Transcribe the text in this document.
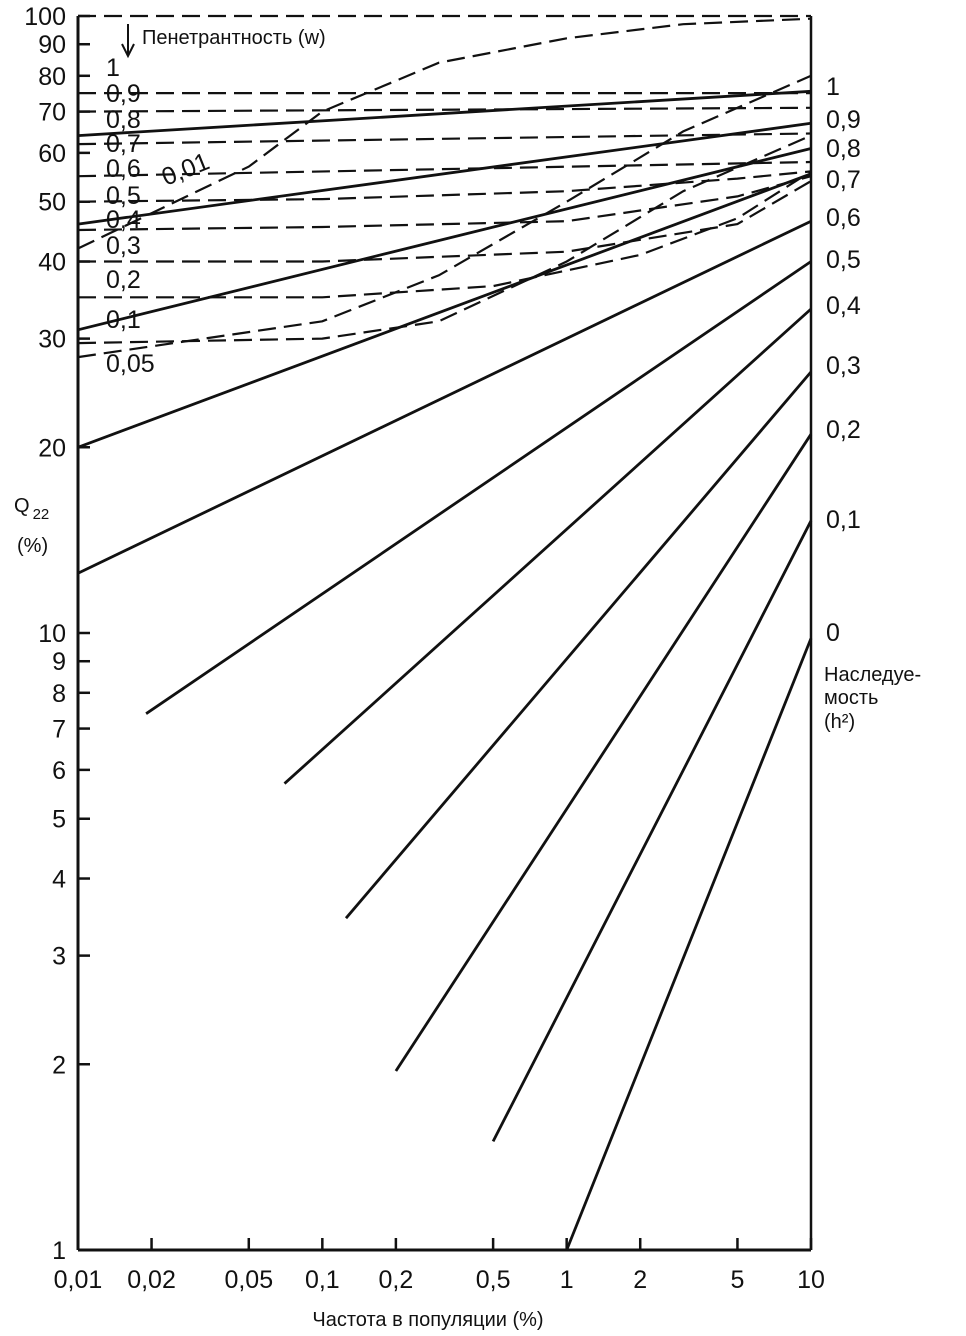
0,01 0,02 0,05 0,1 0,2 0,5 1 2	5 10
1
2
3
4
5
6
7
8
9
10
20
30
40
50
60
70
80
90
100
Частота в популяции (%)
Q $_{22}$
(%)
Пенетрантность (w)
Наследуе-
мость
(h²)
1
0,9
0,8
0,7
0,6
0,5
0,4
0,3
0,2
0,1
0
1
0,9
0,8
0,7
0,6
0,5
0,4
0,3
0,2
0,1
0,05
0,01
